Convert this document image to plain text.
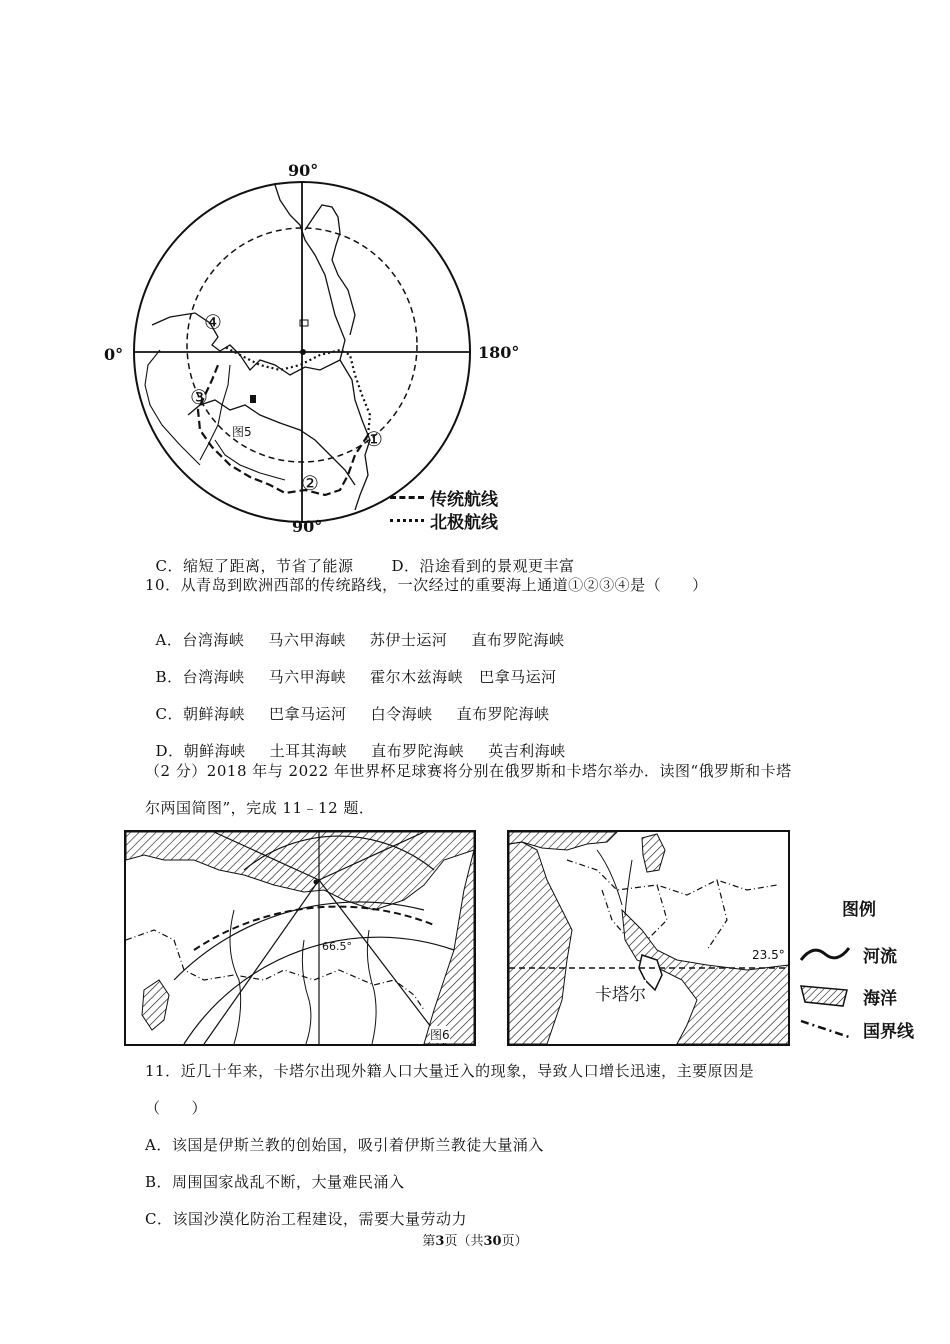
90°
90°
0°	180°
图5
④
③
①
②
传统航线
北极航线

C．缩短了距离，节省了能源	D．沿途看到的景观更丰富

10．从青岛到欧洲西部的传统路线，一次经过的重要海上通道①②③④是（　　）

A．台湾海峡 马六甲海峡 苏伊士运河 直布罗陀海峡

B．台湾海峡 马六甲海峡 霍尔木兹海峡 巴拿马运河

C．朝鲜海峡 巴拿马运河 白令海峡 直布罗陀海峡

D．朝鲜海峡 土耳其海峡 直布罗陀海峡 英吉利海峡

（2 分）2018 年与 2022 年世界杯足球赛将分别在俄罗斯和卡塔尔举办．读图“俄罗斯和卡塔
尔两国简图”，完成 11﹣12 题．
66.5°
图6
卡塔尔
23.5°
图例
河流
海洋
国界线
11．近几十年来，卡塔尔出现外籍人口大量迁入的现象，导致人口增长迅速，主要原因是
（　　）
A．该国是伊斯兰教的创始国，吸引着伊斯兰教徒大量涌入
B．周围国家战乱不断，大量难民涌入
C．该国沙漠化防治工程建设，需要大量劳动力
第3页（共30页）
